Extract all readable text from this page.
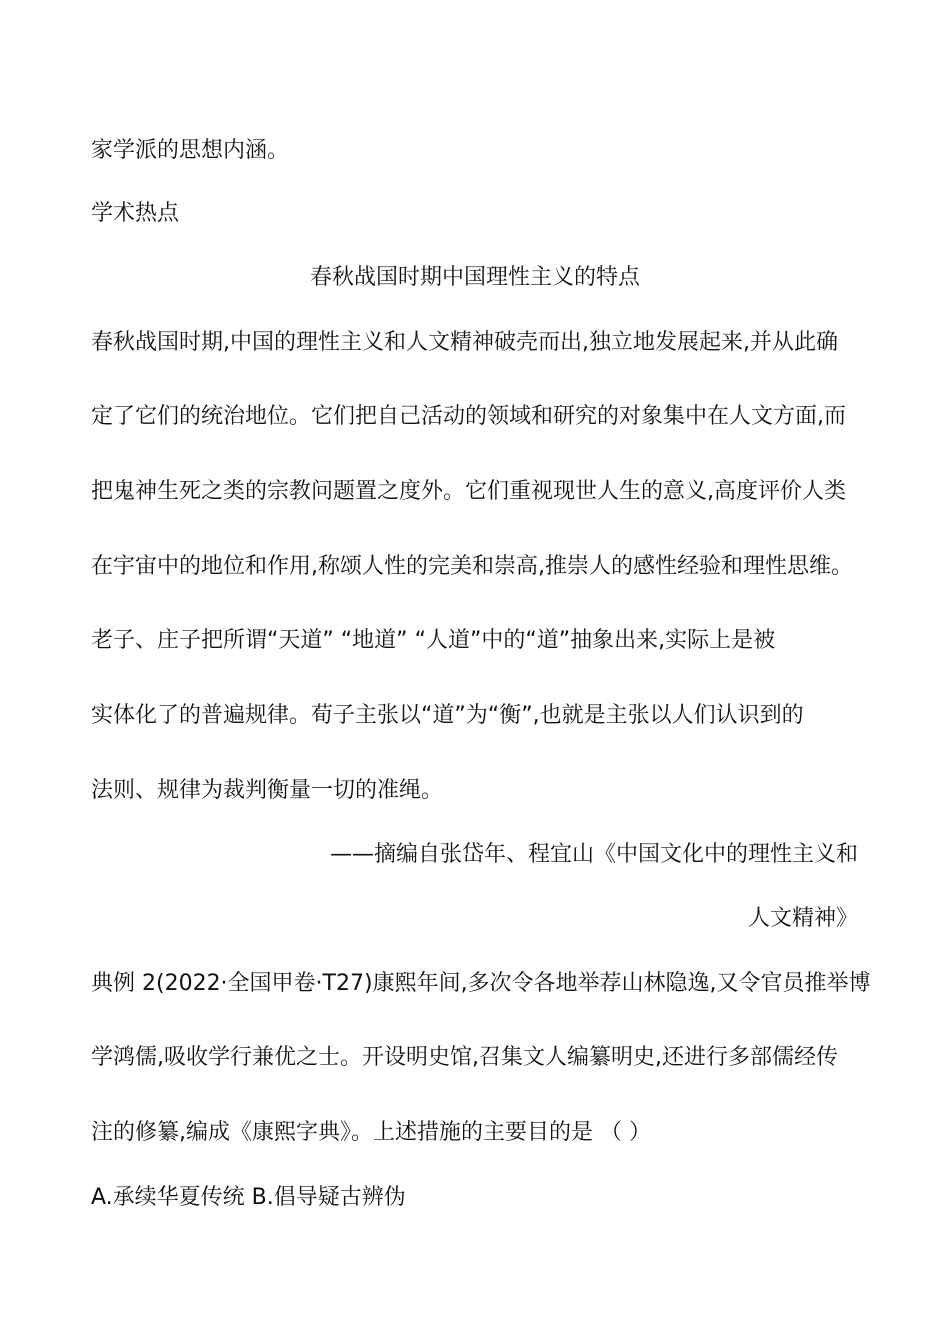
家学派的思想内涵。
学术热点
春秋战国时期中国理性主义的特点
春秋战国时期,中国的理性主义和人文精神破壳而出,独立地发展起来,并从此确
定了它们的统治地位。它们把自己活动的领域和研究的对象集中在人文方面,而
把鬼神生死之类的宗教问题置之度外。它们重视现世人生的意义,高度评价人类
在宇宙中的地位和作用,称颂人性的完美和崇高,推崇人的感性经验和理性思维。
老子、庄子把所谓“天道” “地道” “人道”中的“道”抽象出来,实际上是被
实体化了的普遍规律。荀子主张以“道”为“衡”,也就是主张以人们认识到的
法则、规律为裁判衡量一切的准绳。
——摘编自张岱年、程宜山《中国文化中的理性主义和
人文精神》
典例 2(2022·全国甲卷·T27)康熙年间,多次令各地举荐山林隐逸,又令官员推举博
学鸿儒,吸收学行兼优之士。开设明史馆,召集文人编纂明史,还进行多部儒经传
注的修纂,编成《康熙字典》。上述措施的主要目的是 （ ）
A.承续华夏传统 B.倡导疑古辨伪
